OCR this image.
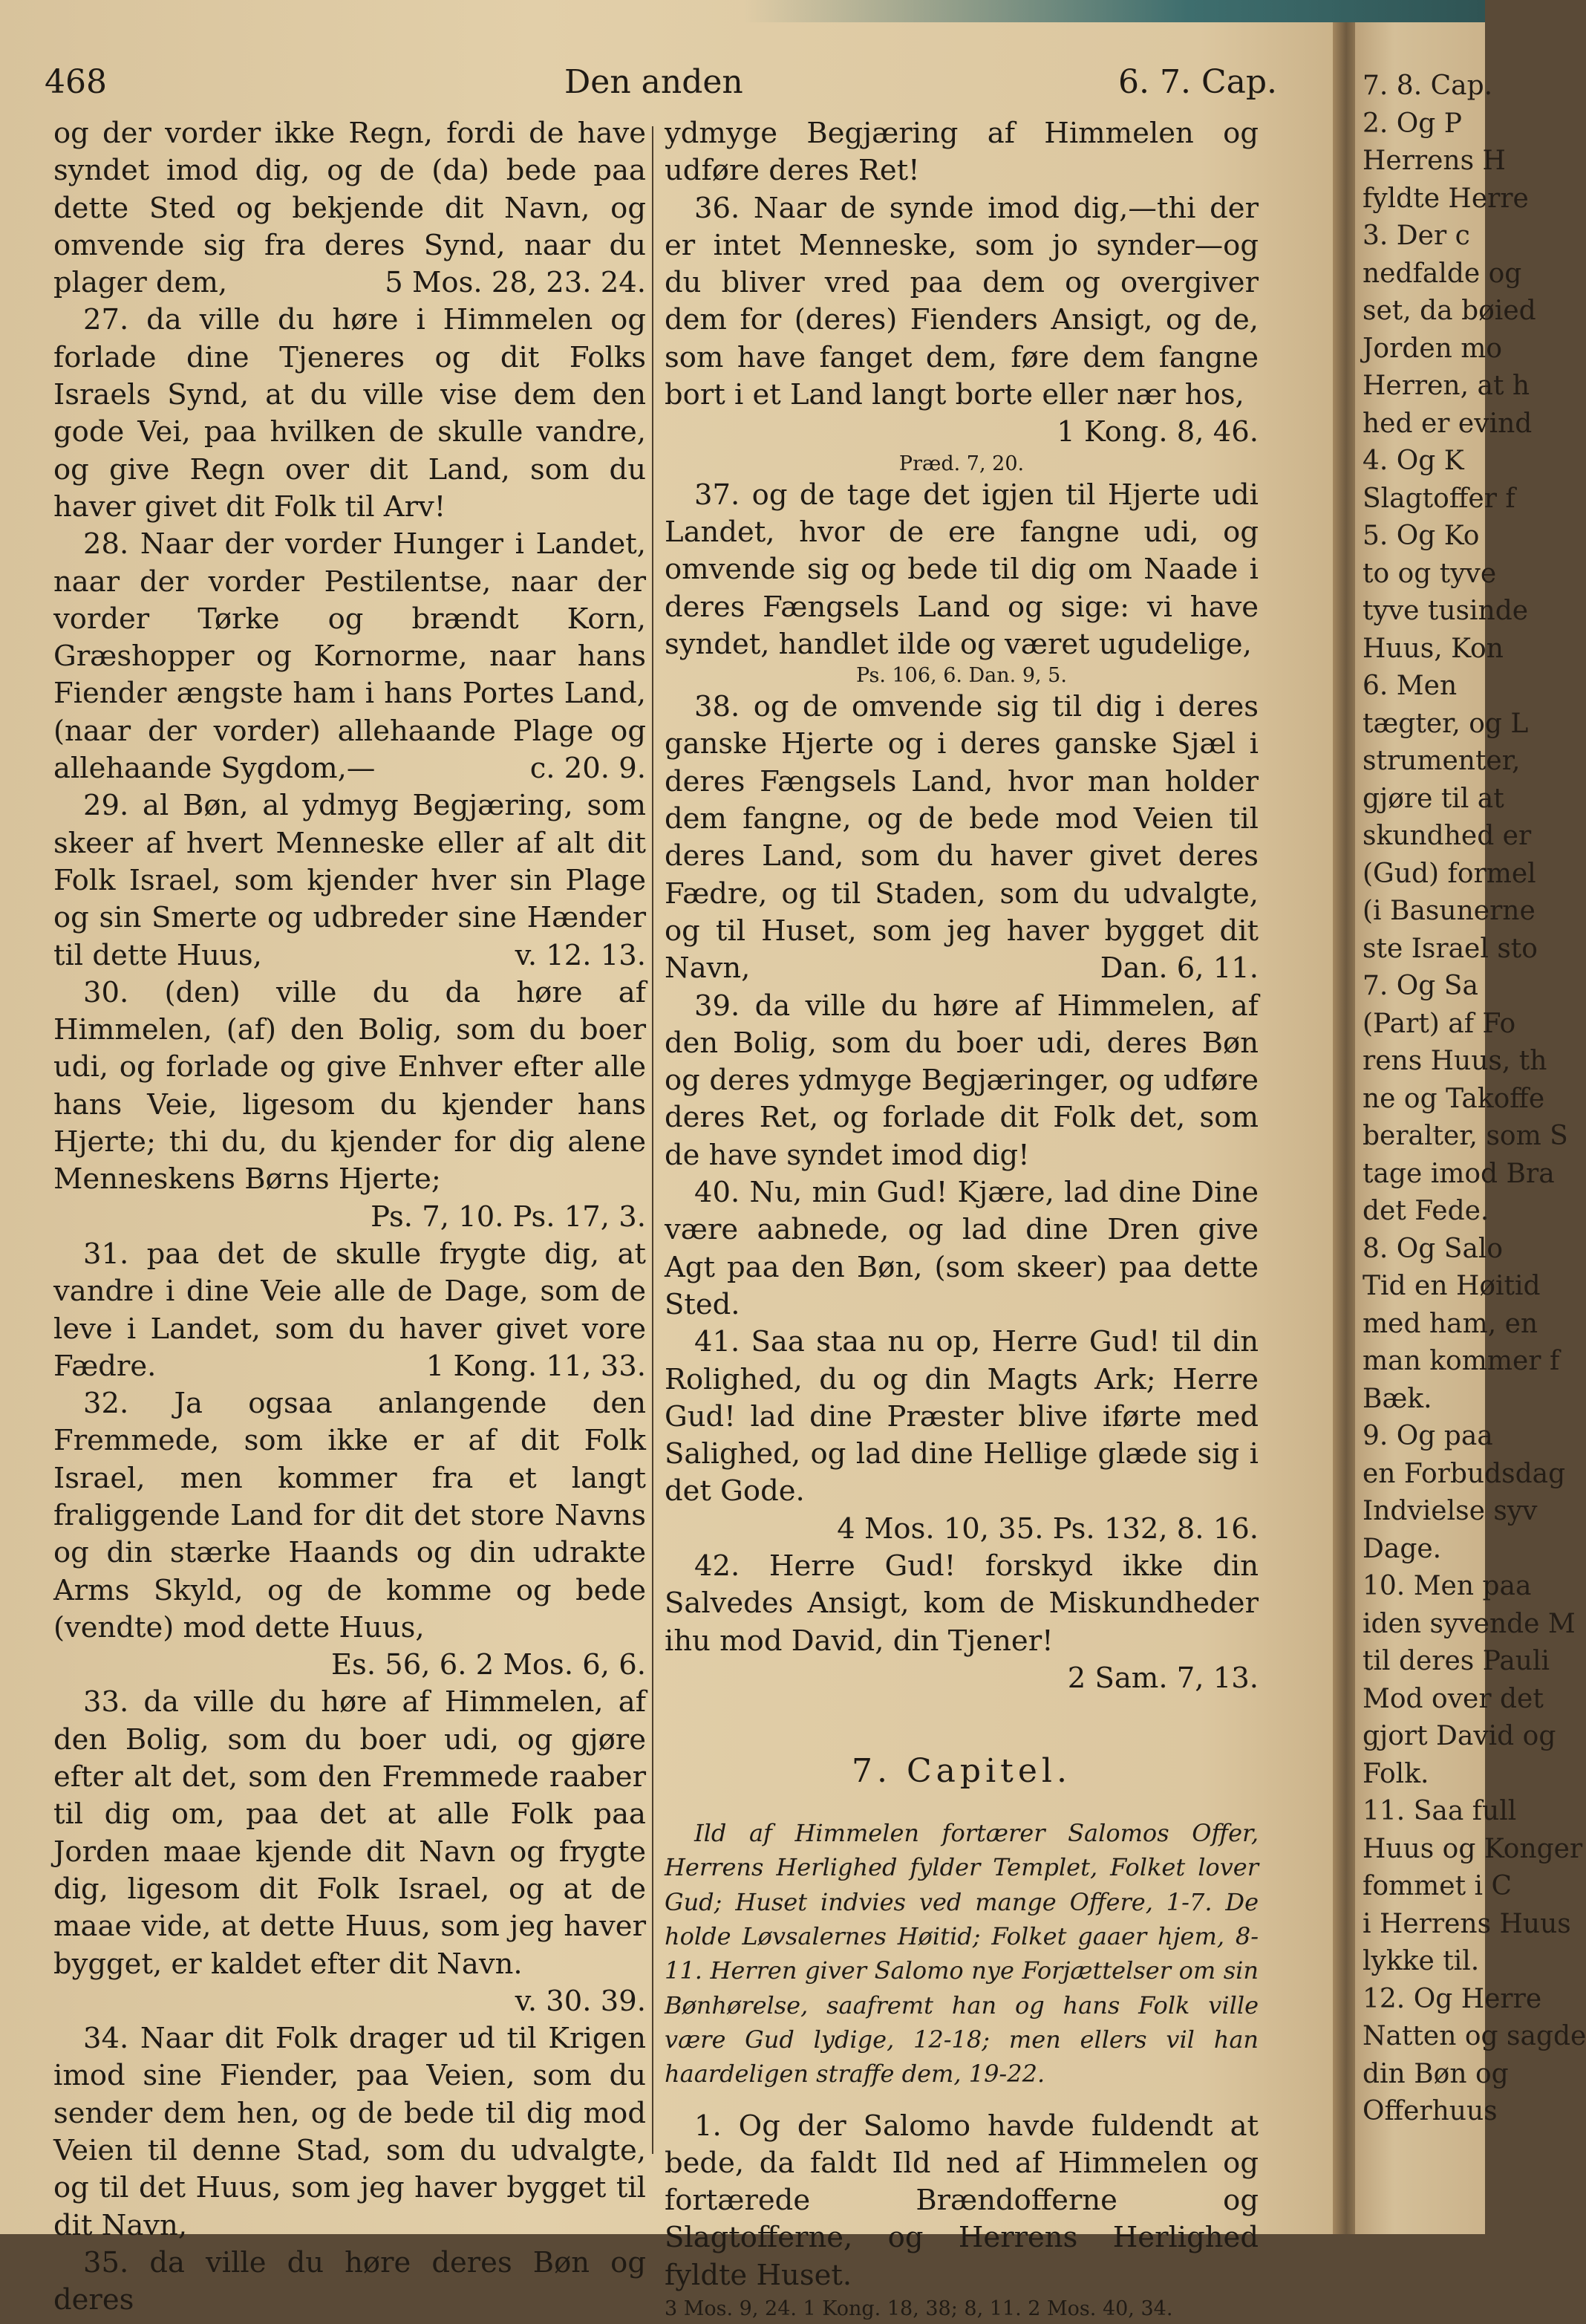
468	Den anden	6. 7. Cap.

og der vorder ikke Regn, fordi de have syndet imod dig, og de (da) bede paa dette Sted og bekjende dit Navn, og omvende sig fra deres Synd, naar du plager dem,	5 Mos. 28, 23. 24.

27. da ville du høre i Himmelen og forlade dine Tjeneres og dit Folks Israels Synd, at du ville vise dem den gode Vei, paa hvilken de skulle vandre, og give Regn over dit Land, som du haver givet dit Folk til Arv!

28. Naar der vorder Hunger i Landet, naar der vorder Pestilentse, naar der vorder Tørke og brændt Korn, Græshopper og Kornorme, naar hans Fiender ængste ham i hans Portes Land, (naar der vorder) allehaande Plage og allehaande Sygdom,—	c. 20. 9.

29. al Bøn, al ydmyg Begjæring, som skeer af hvert Menneske eller af alt dit Folk Israel, som kjender hver sin Plage og sin Smerte og udbreder sine Hænder til dette Huus,	v. 12. 13.

30. (den) ville du da høre af Himmelen, (af) den Bolig, som du boer udi, og forlade og give Enhver efter alle hans Veie, ligesom du kjender hans Hjerte; thi du, du kjender for dig alene Menneskens Børns Hjerte;
Ps. 7, 10. Ps. 17, 3.

31. paa det de skulle frygte dig, at vandre i dine Veie alle de Dage, som de leve i Landet, som du haver givet vore Fædre.	1 Kong. 11, 33.

32. Ja ogsaa anlangende den Fremmede, som ikke er af dit Folk Israel, men kommer fra et langt fraliggende Land for dit det store Navns og din stærke Haands og din udrakte Arms Skyld, og de komme og bede (vendte) mod dette Huus,
Es. 56, 6. 2 Mos. 6, 6.

33. da ville du høre af Himmelen, af den Bolig, som du boer udi, og gjøre efter alt det, som den Fremmede raaber til dig om, paa det at alle Folk paa Jorden maae kjende dit Navn og frygte dig, ligesom dit Folk Israel, og at de maae vide, at dette Huus, som jeg haver bygget, er kaldet efter dit Navn.
v. 30. 39.

34. Naar dit Folk drager ud til Krigen imod sine Fiender, paa Veien, som du sender dem hen, og de bede til dig mod Veien til denne Stad, som du udvalgte, og til det Huus, som jeg haver bygget til dit Navn,

35. da ville du høre deres Bøn og deres

ydmyge Begjæring af Himmelen og udføre deres Ret!

36. Naar de synde imod dig,—thi der er intet Menneske, som jo synder—og du bliver vred paa dem og overgiver dem for (deres) Fienders Ansigt, og de, som have fanget dem, føre dem fangne bort i et Land langt borte eller nær hos,
1 Kong. 8, 46.

Præd. 7, 20.

37. og de tage det igjen til Hjerte udi Landet, hvor de ere fangne udi, og omvende sig og bede til dig om Naade i deres Fængsels Land og sige: vi have syndet, handlet ilde og været ugudelige,

Ps. 106, 6. Dan. 9, 5.

38. og de omvende sig til dig i deres ganske Hjerte og i deres ganske Sjæl i deres Fængsels Land, hvor man holder dem fangne, og de bede mod Veien til deres Land, som du haver givet deres Fædre, og til Staden, som du udvalgte, og til Huset, som jeg haver bygget dit Navn,	Dan. 6, 11.

39. da ville du høre af Himmelen, af den Bolig, som du boer udi, deres Bøn og deres ydmyge Begjæringer, og udføre deres Ret, og forlade dit Folk det, som de have syndet imod dig!

40. Nu, min Gud! Kjære, lad dine Dine være aabnede, og lad dine Dren give Agt paa den Bøn, (som skeer) paa dette Sted.

41. Saa staa nu op, Herre Gud! til din Rolighed, du og din Magts Ark; Herre Gud! lad dine Præster blive iførte med Salighed, og lad dine Hellige glæde sig i det Gode.
4 Mos. 10, 35. Ps. 132, 8. 16.

42. Herre Gud! forskyd ikke din Salvedes Ansigt, kom de Miskundheder ihu mod David, din Tjener!
2 Sam. 7, 13.

7. Capitel.

Ild af Himmelen fortærer Salomos Offer, Herrens Herlighed fylder Templet, Folket lover Gud; Huset indvies ved mange Offere, 1-7. De holde Løvsalernes Høitid; Folket gaaer hjem, 8-11. Herren giver Salomo nye Forjættelser om sin Bønhørelse, saafremt han og hans Folk ville være Gud lydige, 12-18; men ellers vil han haardeligen straffe dem, 19-22.

1. Og der Salomo havde fuldendt at bede, da faldt Ild ned af Himmelen og fortærede Brændofferne og Slagtofferne, og Herrens Herlighed fyldte Huset.

3 Mos. 9, 24. 1 Kong. 18, 38; 8, 11. 2 Mos. 40, 34.

7. 8. Cap.
2. Og P
Herrens H
fyldte Herre
3. Der c
nedfalde og
set, da bøied
Jorden mo
Herren, at h
hed er evind
4. Og K
Slagtoffer f
5. Og Ko
to og tyve
tyve tusinde
Huus, Kon
6. Men
tægter, og L
strumenter,
gjøre til at
skundhed er
(Gud) formel
(i Basunerne
ste Israel sto
7. Og Sa
(Part) af Fo
rens Huus, th
ne og Takoffe
beralter, som S
tage imod Bra
det Fede.
8. Og Salo
Tid en Høitid
med ham, en
man kommer f
Bæk.
9. Og paa
en Forbudsdag
Indvielse syv
Dage.
10. Men paa
iden syvende M
til deres Pauli
Mod over det
gjort David og
Folk.
11. Saa full
Huus og Konger
fommet i C
i Herrens Huus
lykke til.
12. Og Herre
Natten og sagde
din Bøn og
Offerhuus
